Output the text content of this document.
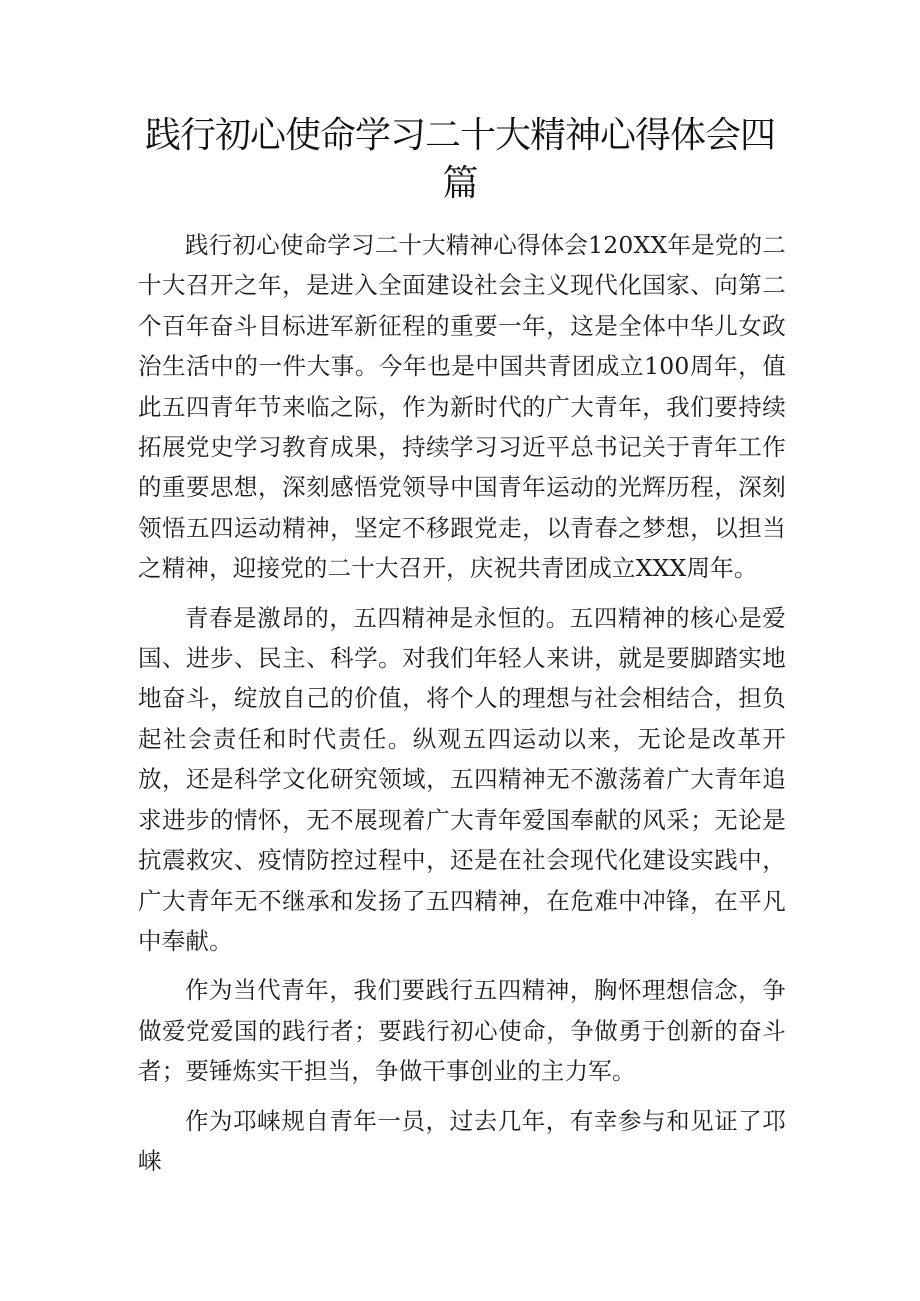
践行初心使命学习二十大精神心得体会四
篇

践行初心使命学习二十大精神心得体会120XX年是党的二十大召开之年，是进入全面建设社会主义现代化国家、向第二个百年奋斗目标进军新征程的重要一年，这是全体中华儿女政治生活中的一件大事。今年也是中国共青团成立100周年，值此五四青年节来临之际，作为新时代的广大青年，我们要持续拓展党史学习教育成果，持续学习习近平总书记关于青年工作的重要思想，深刻感悟党领导中国青年运动的光辉历程，深刻领悟五四运动精神，坚定不移跟党走，以青春之梦想，以担当之精神，迎接党的二十大召开，庆祝共青团成立XXX周年。

青春是激昂的，五四精神是永恒的。五四精神的核心是爱国、进步、民主、科学。对我们年轻人来讲，就是要脚踏实地地奋斗，绽放自己的价值，将个人的理想与社会相结合，担负起社会责任和时代责任。纵观五四运动以来，无论是改革开放，还是科学文化研究领域，五四精神无不激荡着广大青年追求进步的情怀，无不展现着广大青年爱国奉献的风采；无论是抗震救灾、疫情防控过程中，还是在社会现代化建设实践中，广大青年无不继承和发扬了五四精神，在危难中冲锋，在平凡中奉献。

作为当代青年，我们要践行五四精神，胸怀理想信念，争做爱党爱国的践行者；要践行初心使命，争做勇于创新的奋斗者；要锤炼实干担当，争做干事创业的主力军。

作为邛崃规自青年一员，过去几年，有幸参与和见证了邛崃
